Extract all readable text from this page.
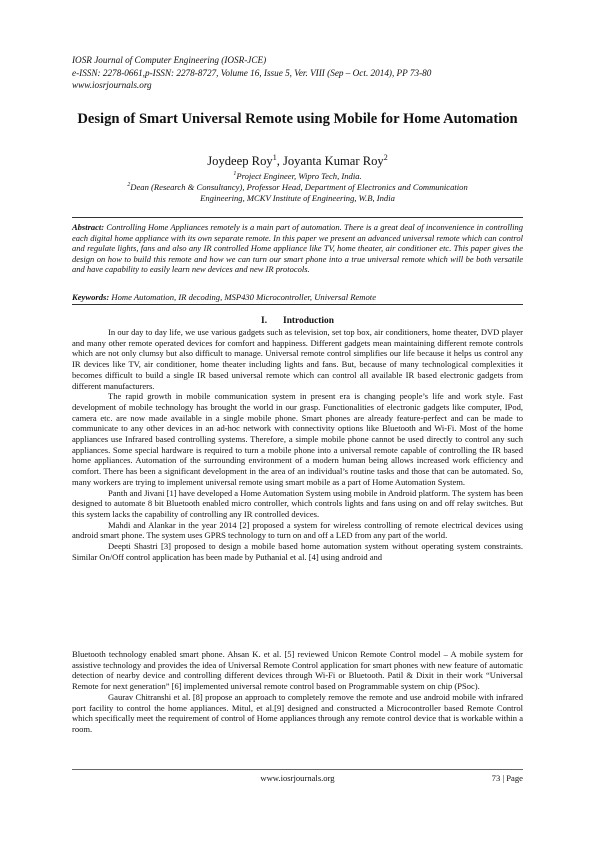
IOSR Journal of Computer Engineering (IOSR-JCE)
e-ISSN: 2278-0661,p-ISSN: 2278-8727, Volume 16, Issue 5, Ver. VIII (Sep – Oct. 2014), PP 73-80
www.iosrjournals.org
Design of Smart Universal Remote using Mobile for Home Automation
Joydeep Roy$^1$, Joyanta Kumar Roy$^2$
$^1$Project Engineer, Wipro Tech, India.
$^2$Dean (Research & Consultancy), Professor Head, Department of Electronics and Communication
Engineering, MCKV Institute of Engineering, W.B, India
Abstract: Controlling Home Appliances remotely is a main part of automation. There is a great deal of inconvenience in controlling each digital home appliance with its own separate remote. In this paper we present an advanced universal remote which can control and regulate lights, fans and also any IR controlled Home appliance like TV, home theater, air conditioner etc. This paper gives the design on how to build this remote and how we can turn our smart phone into a true universal remote which will be both versatile and have capability to easily learn new devices and new IR protocols.
Keywords: Home Automation, IR decoding, MSP430 Microcontroller, Universal Remote
I. Introduction

In our day to day life, we use various gadgets such as television, set top box, air conditioners, home theater, DVD player and many other remote operated devices for comfort and happiness. Different gadgets mean maintaining different remote controls which are not only clumsy but also difficult to manage. Universal remote control simplifies our life because it helps us control any IR devices like TV, air conditioner, home theater including lights and fans. But, because of many technological complexities it becomes difficult to build a single IR based universal remote which can control all available IR based electronic gadgets from different manufacturers.

The rapid growth in mobile communication system in present era is changing people’s life and work style. Fast development of mobile technology has brought the world in our grasp. Functionalities of electronic gadgets like computer, IPod, camera etc. are now made available in a single mobile phone. Smart phones are already feature-perfect and can be made to communicate to any other devices in an ad-hoc network with connectivity options like Bluetooth and Wi-Fi. Most of the home appliances use Infrared based controlling systems. Therefore, a simple mobile phone cannot be used directly to control any such appliances. Some special hardware is required to turn a mobile phone into a universal remote capable of controlling the IR based home appliances. Automation of the surrounding environment of a modern human being allows increased work efficiency and comfort. There has been a significant development in the area of an individual’s routine tasks and those that can be automated. So, many workers are trying to implement universal remote using smart mobile as a part of Home Automation System.

Panth and Jivani [1] have developed a Home Automation System using mobile in Android platform. The system has been designed to automate 8 bit Bluetooth enabled micro controller, which controls lights and fans using on and off relay switches. But this system lacks the capability of controlling any IR controlled devices.

Mahdi and Alankar in the year 2014 [2] proposed a system for wireless controlling of remote electrical devices using android smart phone. The system uses GPRS technology to turn on and off a LED from any part of the world.

Deepti Shastri [3] proposed to design a mobile based home automation system without operating system constraints. Similar On/Off control application has been made by Puthanial et al. [4] using android and

Bluetooth technology enabled smart phone. Ahsan K. et al. [5] reviewed Unicon Remote Control model – A mobile system for assistive technology and provides the idea of Universal Remote Control application for smart phones with new feature of automatic detection of nearby device and controlling different devices through Wi-Fi or Bluetooth. Patil & Dixit in their work “Universal Remote for next generation” [6] implemented universal remote control based on Programmable system on chip (PSoc).

Gaurav Chitranshi et al. [8] propose an approach to completely remove the remote and use android mobile with infrared port facility to control the home appliances. Mitul, et al.[9] designed and constructed a Microcontroller based Remote Control which specifically meet the requirement of control of Home appliances through any remote control device that is workable within a room.

www.iosrjournals.org	73 | Page
